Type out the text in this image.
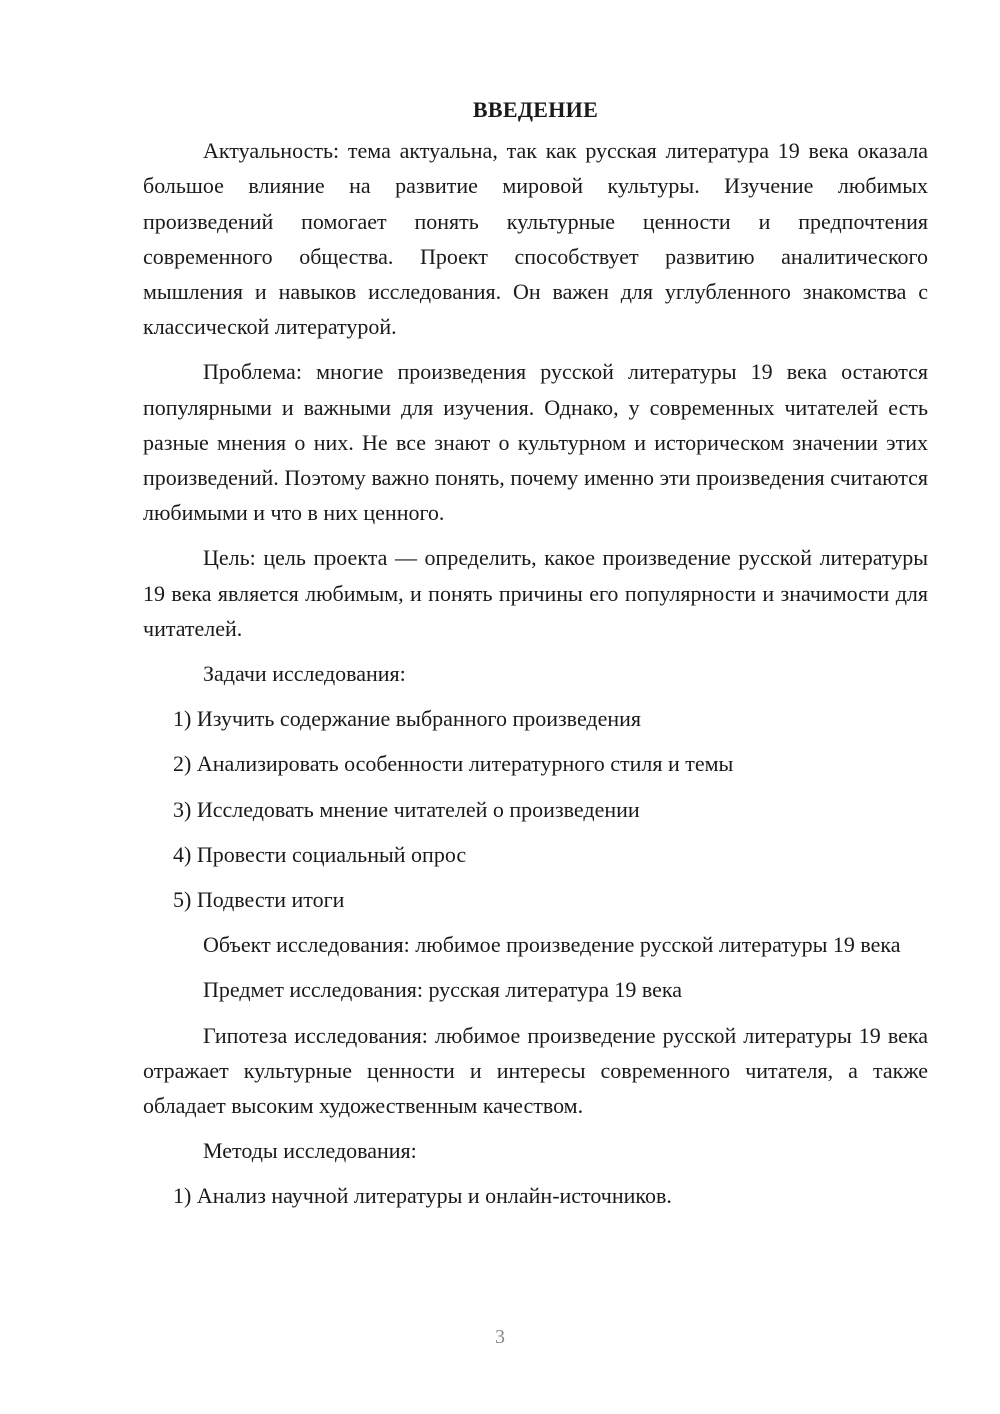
ВВЕДЕНИЕ

Актуальность: тема актуальна, так как русская литература 19 века оказала большое влияние на развитие мировой культуры. Изучение любимых произведений помогает понять культурные ценности и предпочтения современного общества. Проект способствует развитию аналитического мышления и навыков исследования. Он важен для углубленного знакомства с классической литературой.

Проблема: многие произведения русской литературы 19 века остаются популярными и важными для изучения. Однако, у современных читателей есть разные мнения о них. Не все знают о культурном и историческом значении этих произведений. Поэтому важно понять, почему именно эти произведения считаются любимыми и что в них ценного.

Цель: цель проекта — определить, какое произведение русской литературы 19 века является любимым, и понять причины его популярности и значимости для читателей.

Задачи исследования:
1) Изучить содержание выбранного произведения
2) Анализировать особенности литературного стиля и темы
3) Исследовать мнение читателей о произведении
4) Провести социальный опрос
5) Подвести итоги

Объект исследования: любимое произведение русской литературы 19 века

Предмет исследования: русская литература 19 века

Гипотеза исследования: любимое произведение русской литературы 19 века отражает культурные ценности и интересы современного читателя, а также обладает высоким художественным качеством.

Методы исследования:
1) Анализ научной литературы и онлайн-источников.
3
